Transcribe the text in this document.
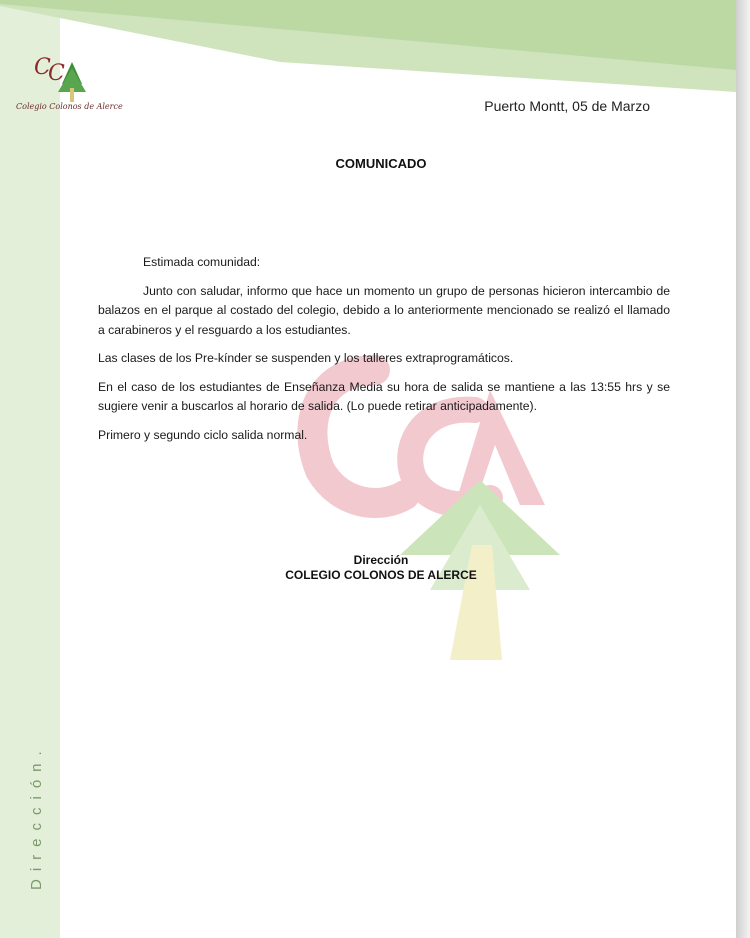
C
C
Colegio Colonos de Alerce	Puerto Montt, 05 de Marzo
COMUNICADO

Estimada comunidad:

Junto con saludar, informo que hace un momento un grupo de personas hicieron intercambio de balazos en el parque al costado del colegio, debido a lo anteriormente mencionado se realizó el llamado a carabineros y el resguardo a los estudiantes.

Las clases de los Pre-kínder se suspenden y los talleres extraprogramáticos.

En el caso de los estudiantes de Enseñanza Media su hora de salida se mantiene a las 13:55 hrs y se sugiere venir a buscarlos al horario de salida. (Lo puede retirar anticipadamente).

Primero y segundo ciclo salida normal.

Dirección
COLEGIO COLONOS DE ALERCE
Dirección.
